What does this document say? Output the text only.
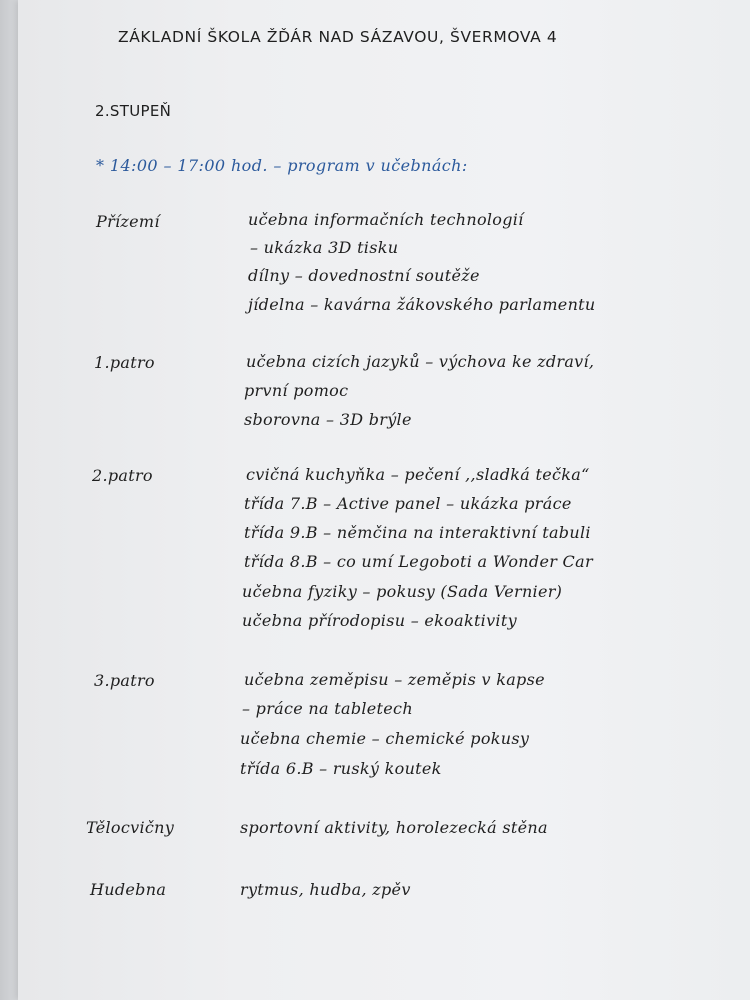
ZÁKLADNÍ ŠKOLA ŽĎÁR NAD SÁZAVOU, ŠVERMOVA 4
2.STUPEŇ
* 14:00 – 17:00 hod. – program v učebnách:
Přízemí	učebna informačních technologií
– ukázka 3D tisku
dílny – dovednostní soutěže
jídelna – kavárna žákovského parlamentu
1.patro	učebna cizích jazyků – výchova ke zdraví,
první pomoc
sborovna – 3D brýle
2.patro	cvičná kuchyňka – pečení ,,sladká tečka“
třída 7.B – Active panel – ukázka práce
třída 9.B – němčina na interaktivní tabuli
třída 8.B – co umí Legoboti a Wonder Car
učebna fyziky – pokusy (Sada Vernier)
učebna přírodopisu – ekoaktivity
3.patro	učebna zeměpisu – zeměpis v kapse
– práce na tabletech
učebna chemie – chemické pokusy
třída 6.B – ruský koutek
Tělocvičny	sportovní aktivity, horolezecká stěna
Hudebna	rytmus, hudba, zpěv
